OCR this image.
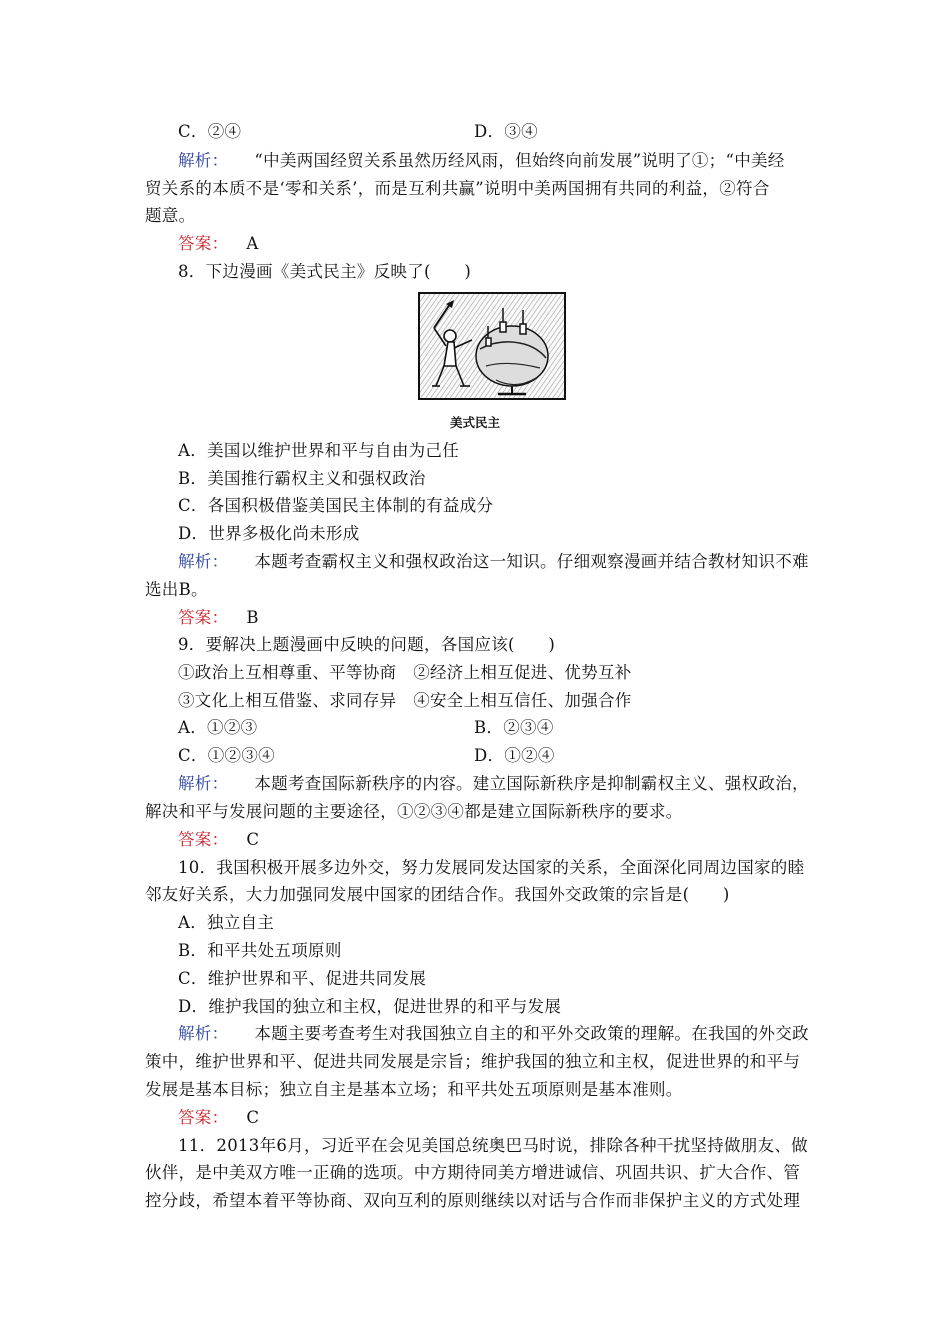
C．②④	D．③④
解析： “中美两国经贸关系虽然历经风雨，但始终向前发展”说明了①；“中美经
贸关系的本质不是‘零和关系’，而是互利共赢”说明中美两国拥有共同的利益，②符合
题意。
答案： A
8．下边漫画《美式民主》反映了(　　)
美式民主
A．美国以维护世界和平与自由为己任
B．美国推行霸权主义和强权政治
C．各国积极借鉴美国民主体制的有益成分
D．世界多极化尚未形成
解析： 本题考查霸权主义和强权政治这一知识。仔细观察漫画并结合教材知识不难
选出B。
答案： B
9．要解决上题漫画中反映的问题，各国应该(　　)
①政治上互相尊重、平等协商　②经济上相互促进、优势互补
③文化上相互借鉴、求同存异　④安全上相互信任、加强合作
A．①②③	B．②③④
C．①②③④	D．①②④
解析： 本题考查国际新秩序的内容。建立国际新秩序是抑制霸权主义、强权政治，
解决和平与发展问题的主要途径，①②③④都是建立国际新秩序的要求。
答案： C
10．我国积极开展多边外交，努力发展同发达国家的关系，全面深化同周边国家的睦
邻友好关系，大力加强同发展中国家的团结合作。我国外交政策的宗旨是(　　)
A．独立自主
B．和平共处五项原则
C．维护世界和平、促进共同发展
D．维护我国的独立和主权，促进世界的和平与发展
解析： 本题主要考查考生对我国独立自主的和平外交政策的理解。在我国的外交政
策中，维护世界和平、促进共同发展是宗旨；维护我国的独立和主权，促进世界的和平与
发展是基本目标；独立自主是基本立场；和平共处五项原则是基本准则。
答案： C
11．2013年6月，习近平在会见美国总统奥巴马时说，排除各种干扰坚持做朋友、做
伙伴，是中美双方唯一正确的选项。中方期待同美方增进诚信、巩固共识、扩大合作、管
控分歧，希望本着平等协商、双向互利的原则继续以对话与合作而非保护主义的方式处理
